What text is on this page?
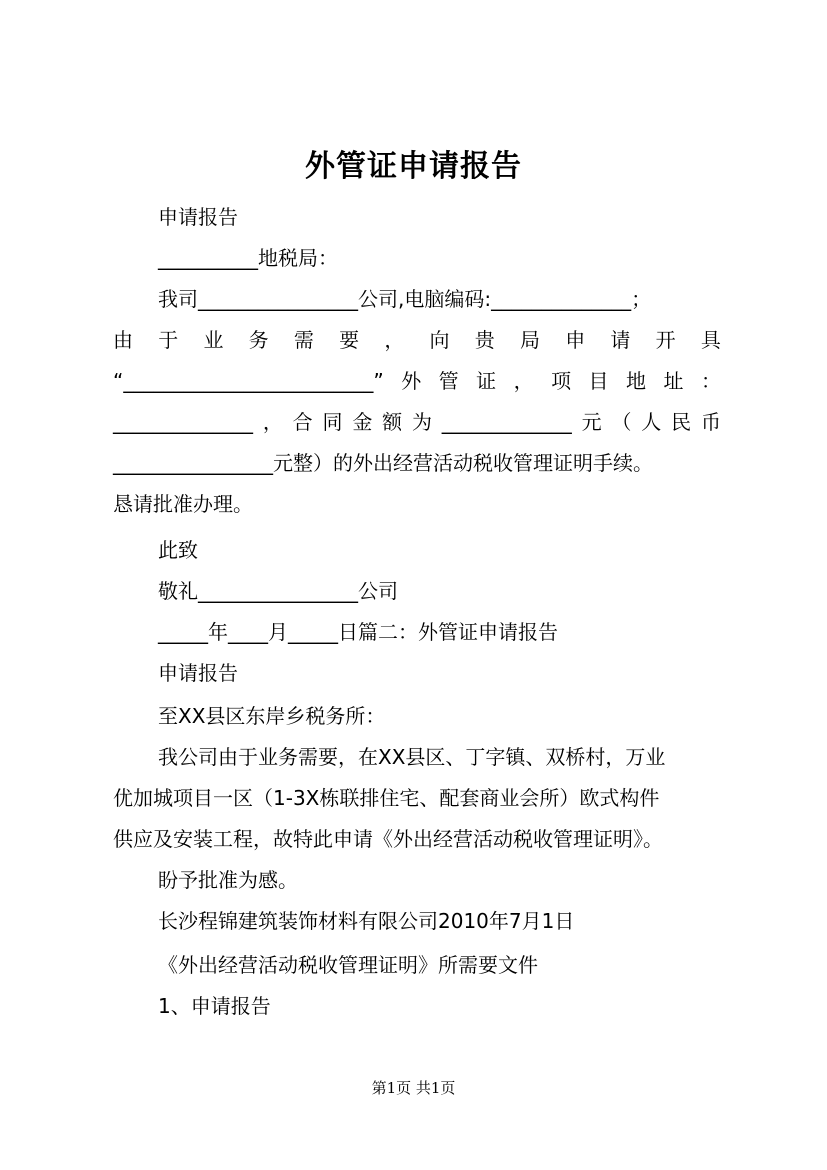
外管证申请报告
申请报告
__________地税局：
我司________________公司,电脑编码:______________；
由 于 业 务 需 要 ， 向 贵 局 申 请 开 具
“_________________________” 外 管 证 ， 项 目 地 址 ：
______________ ， 合 同 金 额 为 _____________ 元 （ 人 民 币
________________元整）的外出经营活动税收管理证明手续。
恳请批准办理。
此致
敬礼________________公司
_____年____月_____日篇二：外管证申请报告
申请报告
至XX县区东岸乡税务所：
我公司由于业务需要，在XX县区、丁字镇、双桥村，万业
优加城项目一区（1-3X栋联排住宅、配套商业会所）欧式构件
供应及安装工程，故特此申请《外出经营活动税收管理证明》。
盼予批准为感。
长沙程锦建筑装饰材料有限公司2010年7月1日
《外出经营活动税收管理证明》所需要文件
1、申请报告
第1页 共1页
